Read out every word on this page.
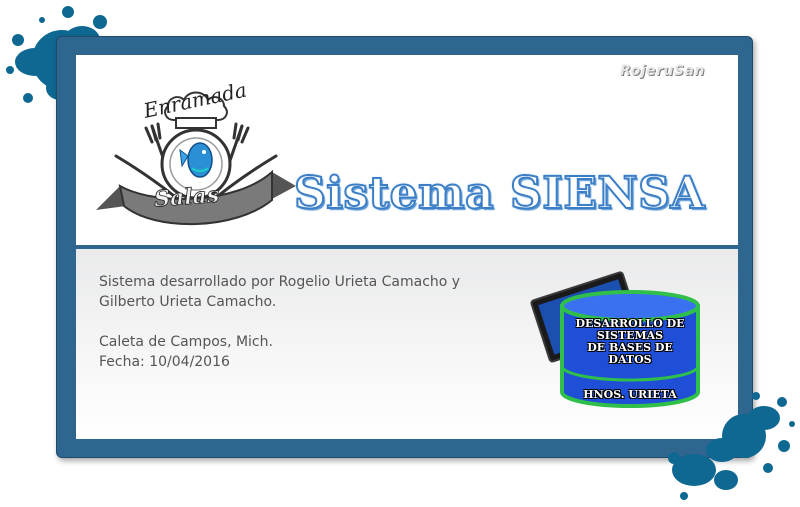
RojeruSan
Enramada
Salas Sistema SIENSA

Sistema desarrollado por Rogelio Urieta Camacho y

Gilberto Urieta Camacho.

Caleta de Campos, Mich.

Fecha: 10/04/2016

DESARROLLO DE
SISTEMAS
DE BASES DE
DATOS
HNOS. URIETA
